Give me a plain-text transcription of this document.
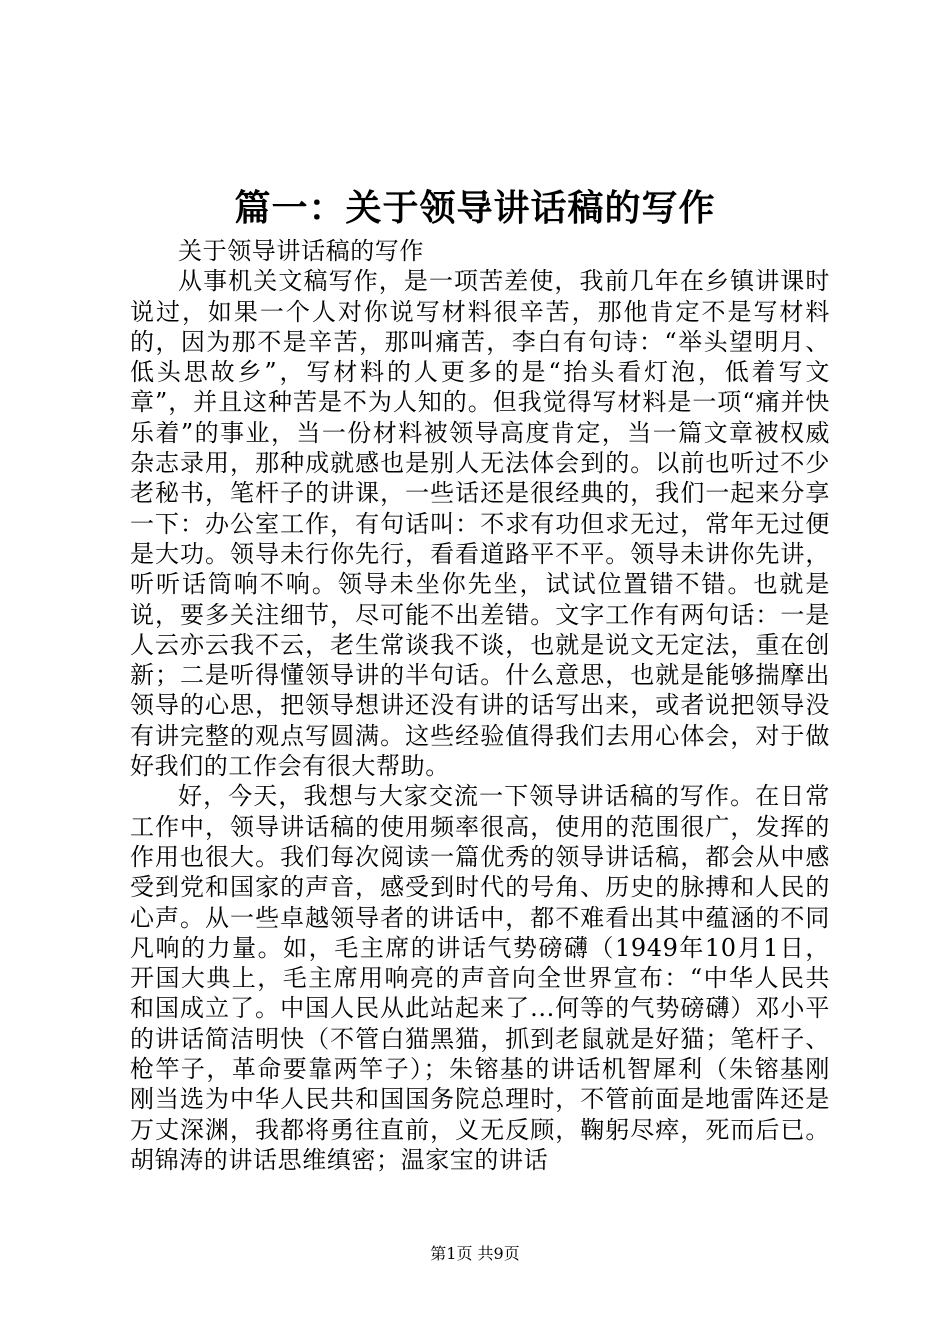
篇一：关于领导讲话稿的写作

关于领导讲话稿的写作

从事机关文稿写作，是一项苦差使，我前几年在乡镇讲课时说过，如果一个人对你说写材料很辛苦，那他肯定不是写材料的，因为那不是辛苦，那叫痛苦，李白有句诗：“举头望明月、低头思故乡”，写材料的人更多的是“抬头看灯泡，低着写文章”，并且这种苦是不为人知的。但我觉得写材料是一项“痛并快乐着”的事业，当一份材料被领导高度肯定，当一篇文章被权威杂志录用，那种成就感也是别人无法体会到的。以前也听过不少老秘书，笔杆子的讲课，一些话还是很经典的，我们一起来分享一下：办公室工作，有句话叫：不求有功但求无过，常年无过便是大功。领导未行你先行，看看道路平不平。领导未讲你先讲，听听话筒响不响。领导未坐你先坐，试试位置错不错。也就是说，要多关注细节，尽可能不出差错。文字工作有两句话：一是人云亦云我不云，老生常谈我不谈，也就是说文无定法，重在创新；二是听得懂领导讲的半句话。什么意思，也就是能够揣摩出领导的心思，把领导想讲还没有讲的话写出来，或者说把领导没有讲完整的观点写圆满。这些经验值得我们去用心体会，对于做好我们的工作会有很大帮助。

好，今天，我想与大家交流一下领导讲话稿的写作。在日常工作中，领导讲话稿的使用频率很高，使用的范围很广，发挥的作用也很大。我们每次阅读一篇优秀的领导讲话稿，都会从中感受到党和国家的声音，感受到时代的号角、历史的脉搏和人民的心声。从一些卓越领导者的讲话中，都不难看出其中蕴涵的不同凡响的力量。如，毛主席的讲话气势磅礴（1949年10月1日，开国大典上，毛主席用响亮的声音向全世界宣布：“中华人民共和国成立了。中国人民从此站起来了...何等的气势磅礴）邓小平的讲话简洁明快（不管白猫黑猫，抓到老鼠就是好猫；笔杆子、枪竿子，革命要靠两竿子）；朱镕基的讲话机智犀利（朱镕基刚刚当选为中华人民共和国国务院总理时，不管前面是地雷阵还是万丈深渊，我都将勇往直前，义无反顾，鞠躬尽瘁，死而后已。胡锦涛的讲话思维缜密；温家宝的讲话

第1页 共9页
